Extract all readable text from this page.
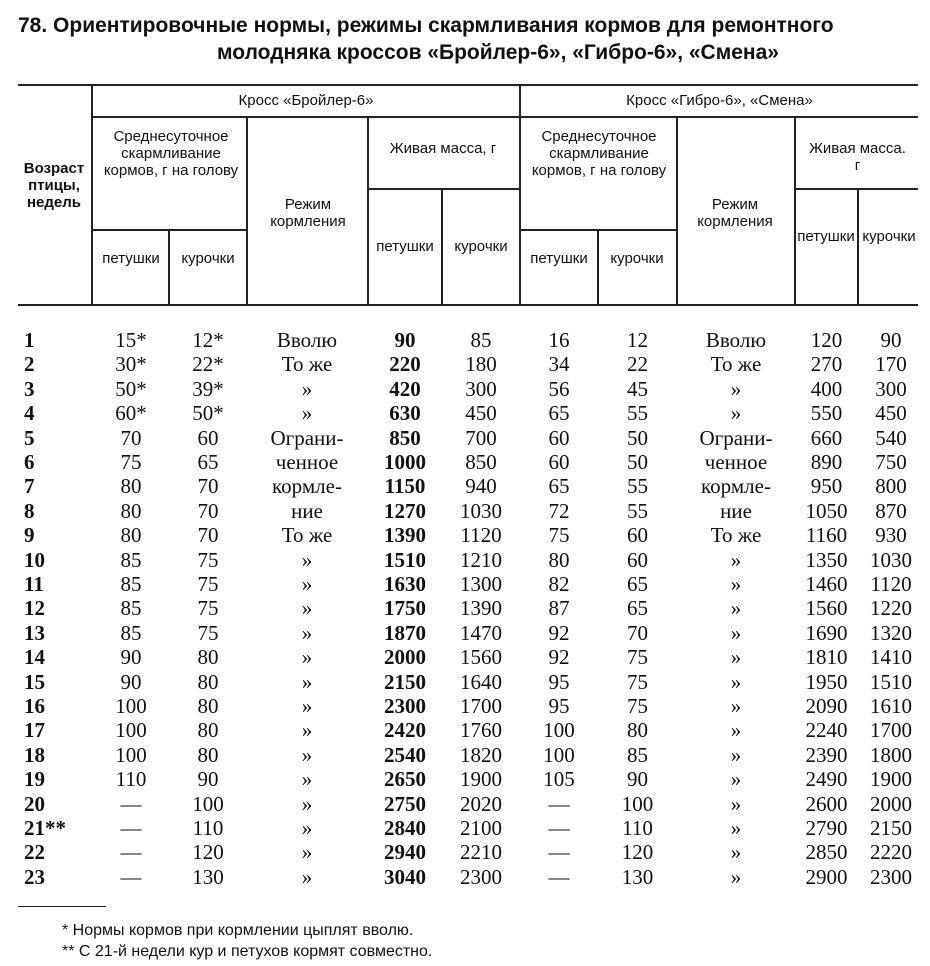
78. Ориентировочные нормы, режимы скармливания кормов для ремонтного
молодняка кроссов «Бройлер-6», «Гибро-6», «Смена»
Возраст птицы, недель
Кросс «Бройлер-6»	Кросс «Гибро-6», «Смена»
Среднесуточное скармливание кормов, г на голову
Режим кормления
Живая масса, г
Среднесуточное скармливание кормов, г на голову
Режим кормления
Живая масса. г
петушки	курочки
петушки	курочки
петушки	курочки
петушки курочки
1	15*	12*	Вволю	90	85	16	12	Вволю	120	90
2	30*	22*	То же	220	180	34	22	То же	270	170
3	50*	39*	»	420	300	56	45	»	400	300
4	60*	50*	»	630	450	65	55	»	550	450
5	70	60	Ограни-	850	700	60	50	Ограни-	660	540
6	75	65	ченное	1000	850	60	50	ченное	890	750
7	80	70	кормле-	1150	940	65	55	кормле-	950	800
8	80	70	ние	1270	1030	72	55	ние	1050	870
9	80	70	То же	1390	1120	75	60	То же	1160	930
10	85	75	»	1510	1210	80	60	»	1350	1030
11	85	75	»	1630	1300	82	65	»	1460	1120
12	85	75	»	1750	1390	87	65	»	1560	1220
13	85	75	»	1870	1470	92	70	»	1690	1320
14	90	80	»	2000	1560	92	75	»	1810	1410
15	90	80	»	2150	1640	95	75	»	1950	1510
16	100	80	»	2300	1700	95	75	»	2090	1610
17	100	80	»	2420	1760	100	80	»	2240	1700
18	100	80	»	2540	1820	100	85	»	2390	1800
19	110	90	»	2650	1900	105	90	»	2490	1900
20	—	100	»	2750	2020	—	100	»	2600	2000
21**	—	110	»	2840	2100	—	110	»	2790	2150
22	—	120	»	2940	2210	—	120	»	2850	2220
23	—	130	»	3040	2300	—	130	»	2900	2300
* Нормы кормов при кормлении цыплят вволю.
** С 21-й недели кур и петухов кормят совместно.
